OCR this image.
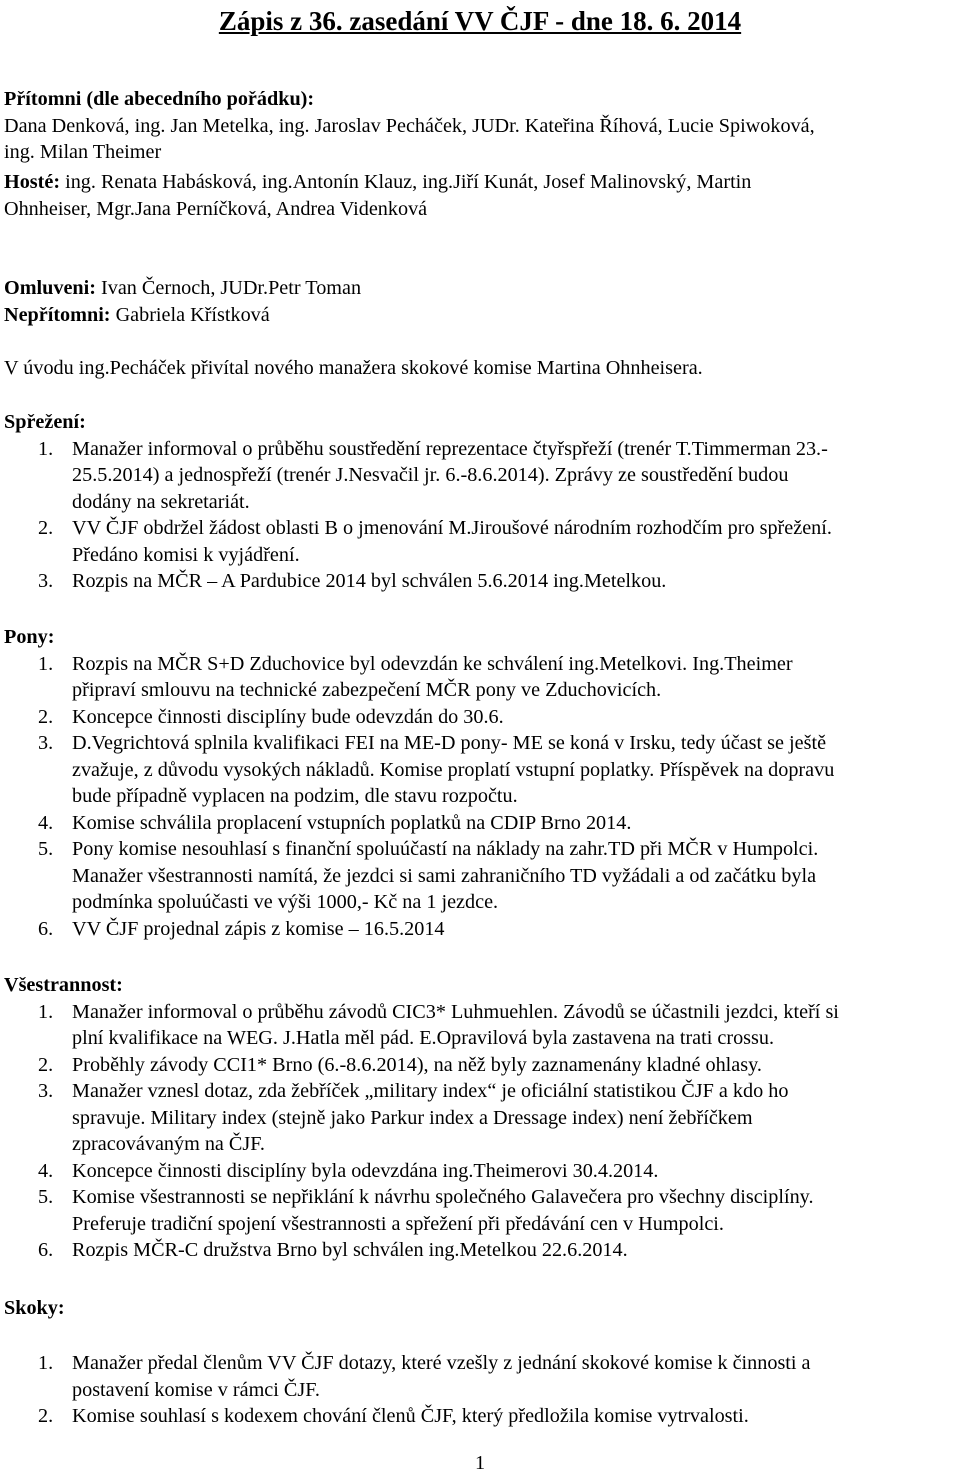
Zápis z 36. zasedání VV ČJF - dne 18. 6. 2014
Přítomni (dle abecedního pořádku):
Dana Denková, ing. Jan Metelka, ing. Jaroslav Pecháček, JUDr. Kateřina Říhová, Lucie Spiwoková,
ing. Milan Theimer
Hosté: ing. Renata Habásková, ing.Antonín Klauz, ing.Jiří Kunát, Josef Malinovský, Martin
Ohnheiser, Mgr.Jana Perníčková, Andrea Videnková
Omluveni: Ivan Černoch, JUDr.Petr Toman
Nepřítomni: Gabriela Křístková
V úvodu ing.Pecháček přivítal nového manažera skokové komise Martina Ohnheisera.
Spřežení:
1. Manažer informoval o průběhu soustředění reprezentace čtyřspřeží (trenér T.Timmerman 23.-
25.5.2014) a jednospřeží (trenér J.Nesvačil jr. 6.-8.6.2014). Zprávy ze soustředění budou
dodány na sekretariát.
2. VV ČJF obdržel žádost oblasti B o jmenování M.Jiroušové národním rozhodčím pro spřežení.
Předáno komisi k vyjádření.
3. Rozpis na MČR – A Pardubice 2014 byl schválen 5.6.2014 ing.Metelkou.
Pony:
1. Rozpis na MČR S+D Zduchovice byl odevzdán ke schválení ing.Metelkovi. Ing.Theimer
připraví smlouvu na technické zabezpečení MČR pony ve Zduchovicích.
2. Koncepce činnosti disciplíny bude odevzdán do 30.6.
3. D.Vegrichtová splnila kvalifikaci FEI na ME-D pony- ME se koná v Irsku, tedy účast se ještě
zvažuje, z důvodu vysokých nákladů. Komise proplatí vstupní poplatky. Příspěvek na dopravu
bude případně vyplacen na podzim, dle stavu rozpočtu.
4. Komise schválila proplacení vstupních poplatků na CDIP Brno 2014.
5. Pony komise nesouhlasí s finanční spoluúčastí na náklady na zahr.TD při MČR v Humpolci.
Manažer všestrannosti namítá, že jezdci si sami zahraničního TD vyžádali a od začátku byla
podmínka spoluúčasti ve výši 1000,- Kč na 1 jezdce.
6. VV ČJF projednal zápis z komise – 16.5.2014
Všestrannost:
1. Manažer informoval o průběhu závodů CIC3* Luhmuehlen. Závodů se účastnili jezdci, kteří si
plní kvalifikace na WEG. J.Hatla měl pád. E.Opravilová byla zastavena na trati crossu.
2. Proběhly závody CCI1* Brno (6.-8.6.2014), na něž byly zaznamenány kladné ohlasy.
3. Manažer vznesl dotaz, zda žebříček „military index“ je oficiální statistikou ČJF a kdo ho
spravuje. Military index (stejně jako Parkur index a Dressage index) není žebříčkem
zpracovávaným na ČJF.
4. Koncepce činnosti disciplíny byla odevzdána ing.Theimerovi 30.4.2014.
5. Komise všestrannosti se nepřiklání k návrhu společného Galavečera pro všechny disciplíny.
Preferuje tradiční spojení všestrannosti a spřežení při předávání cen v Humpolci.
6. Rozpis MČR-C družstva Brno byl schválen ing.Metelkou 22.6.2014.
Skoky:
1. Manažer předal členům VV ČJF dotazy, které vzešly z jednání skokové komise k činnosti a
postavení komise v rámci ČJF.
2. Komise souhlasí s kodexem chování členů ČJF, který předložila komise vytrvalosti.
1
